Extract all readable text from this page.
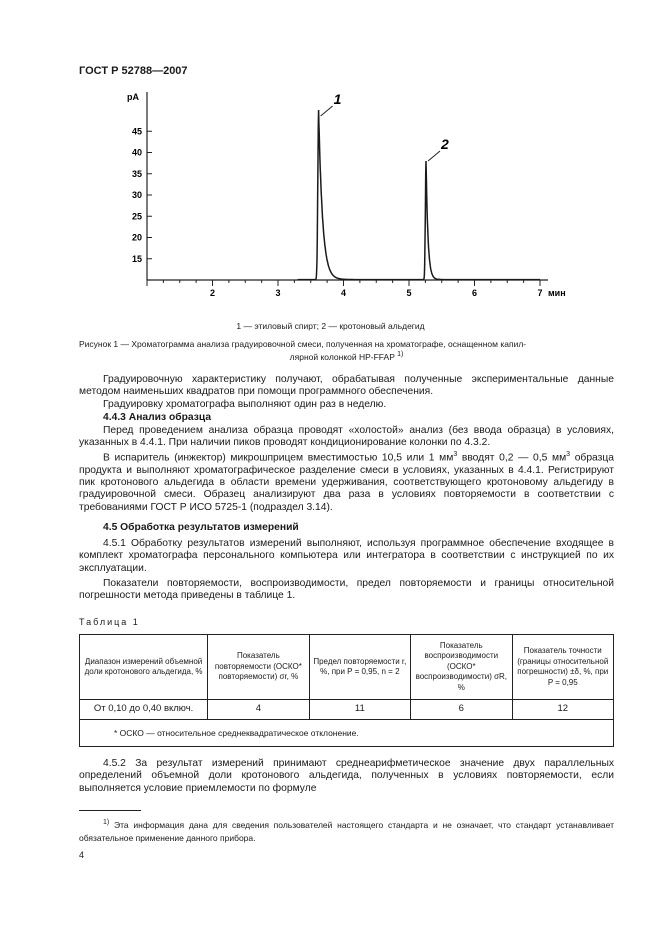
ГОСТ Р 52788—2007
pA
45
40
35
30
25
20
15
2	3	4	5	6	7 мин
1
2
1 — этиловый спирт; 2 — кротоновый альдегид
Рисунок 1 — Хроматограмма анализа градуировочной смеси, полученная на хроматографе, оснащенном капил-
лярной колонкой HP-FFAP $^{1)}$

Градуировочную характеристику получают, обрабатывая полученные экспериментальные данные методом наименьших квадратов при помощи программного обеспечения.

Градуировку хроматографа выполняют один раз в неделю.

4.4.3 Анализ образца

Перед проведением анализа образца проводят «холостой» анализ (без ввода образца) в условиях, указанных в 4.4.1. При наличии пиков проводят кондиционирование колонки по 4.3.2.

В испаритель (инжектор) микрошприцем вместимостью 10,5 или 1 $мм^3$ вводят 0,2 — 0,5 $мм^3$ образца продукта и выполняют хроматографическое разделение смеси в условиях, указанных в 4.4.1. Регистрируют пик кротонового альдегида в области времени удерживания, соответствующего кротоновому альдегиду в градуировочной смеси. Образец анализируют два раза в условиях повторяемости в соответствии с требованиями ГОСТ Р ИСО 5725-1 (подраздел 3.14).

4.5 Обработка результатов измерений

4.5.1 Обработку результатов измерений выполняют, используя программное обеспечение входящее в комплект хроматографа персонального компьютера или интегратора в соответствии с инструкцией по их эксплуатации.

Показатели повторяемости, воспроизводимости, предел повторяемости и границы относительной погрешности метода приведены в таблице 1.

Таблица 1
Диапазон измерений объемной доли кротонового альдегида, %	Показатель повторяемости (ОСКО* повторяемости) σr, %	Предел повторяемости r, %, при P = 0,95, n = 2	Показатель воспроизводимости (ОСКО* воспроизводимости) σR, %	Показатель точности (границы относительной погрешности) ±δ, %, при P = 0,95
От 0,10 до 0,40 включ.	4	11	6	12
* ОСКО — относительное среднеквадратическое отклонение.				

4.5.2 За результат измерений принимают среднеарифметическое значение двух параллельных определений объемной доли кротонового альдегида, полученных в условиях повторяемости, если выполняется условие приемлемости по формуле

$^{1)}$ Эта информация дана для сведения пользователей настоящего стандарта и не означает, что стандарт устанавливает обязательное применение данного прибора.
4
